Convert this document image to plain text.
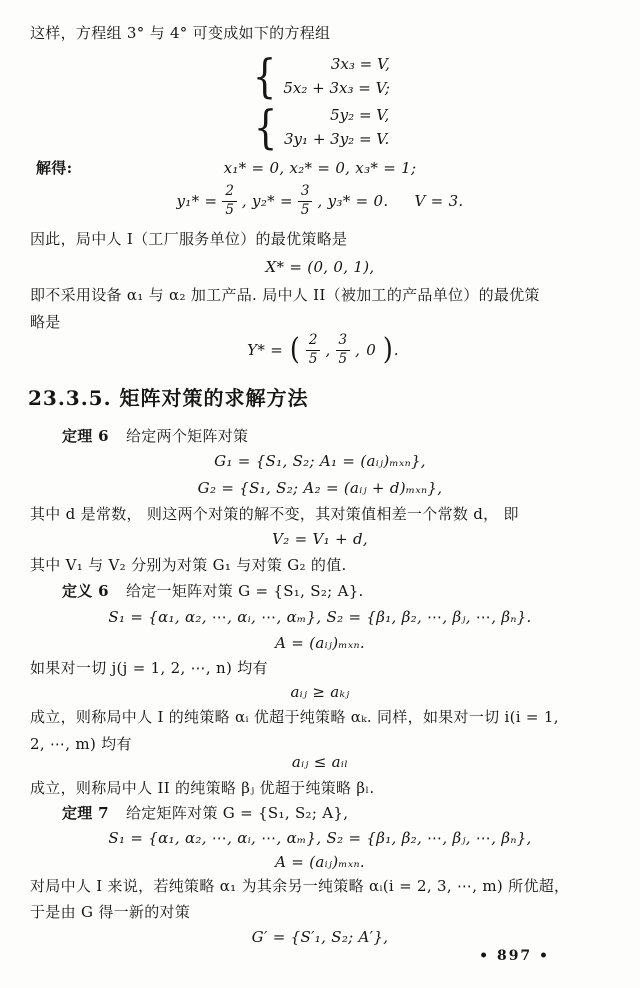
这样，方程组 3° 与 4° 可变成如下的方程组
{	3x₃ = V,
5x₂ + 3x₃ = V;
{	5y₂ = V,
3y₁ + 3y₂ = V.
解得:	x₁* = 0, x₂* = 0, x₃* = 1;
$y_1* = \frac{2}{5}$ , $y_2* = \frac{3}{5}$ , y₃* = 0. V = 3.
因此，局中人 I（工厂服务单位）的最优策略是
X* = (0, 0, 1),
即不采用设备 α₁ 与 α₂ 加工产品. 局中人 II（被加工的产品单位）的最优策
略是
Y* = ( $\frac{2}{5}$ , $\frac{3}{5}$ , 0 ) .
23.3.5. 矩阵对策的求解方法
定理 6 给定两个矩阵对策
G₁ = {S₁, S₂; A₁ = (aᵢⱼ)ₘₓₙ},
G₂ = {S₁, S₂; A₂ = (aᵢⱼ + d)ₘₓₙ},
其中 d 是常数， 则这两个对策的解不变，其对策值相差一个常数 d， 即
V₂ = V₁ + d,
其中 V₁ 与 V₂ 分别为对策 G₁ 与对策 G₂ 的值.
定义 6 给定一矩阵对策 G = {S₁, S₂; A}.
S₁ = {α₁, α₂, ⋯, αᵢ, ⋯, αₘ}, S₂ = {β₁, β₂, ⋯, βⱼ, ⋯, βₙ}.
A = (aᵢⱼ)ₘₓₙ.
如果对一切 j(j = 1, 2, ⋯, n) 均有
aᵢⱼ ≥ aₖⱼ
成立，则称局中人 I 的纯策略 αᵢ 优超于纯策略 αₖ. 同样，如果对一切 i(i = 1,
2, ⋯, m) 均有
aᵢⱼ ≤ aᵢₗ
成立，则称局中人 II 的纯策略 βⱼ 优超于纯策略 βₗ.
定理 7 给定矩阵对策 G = {S₁, S₂; A},
S₁ = {α₁, α₂, ⋯, αᵢ, ⋯, αₘ}, S₂ = {β₁, β₂, ⋯, βⱼ, ⋯, βₙ},
A = (aᵢⱼ)ₘₓₙ.
对局中人 I 来说，若纯策略 α₁ 为其余另一纯策略 αᵢ(i = 2, 3, ⋯, m) 所优超，
于是由 G 得一新的对策
G′ = {S′₁, S₂; A′},
• 897 •
